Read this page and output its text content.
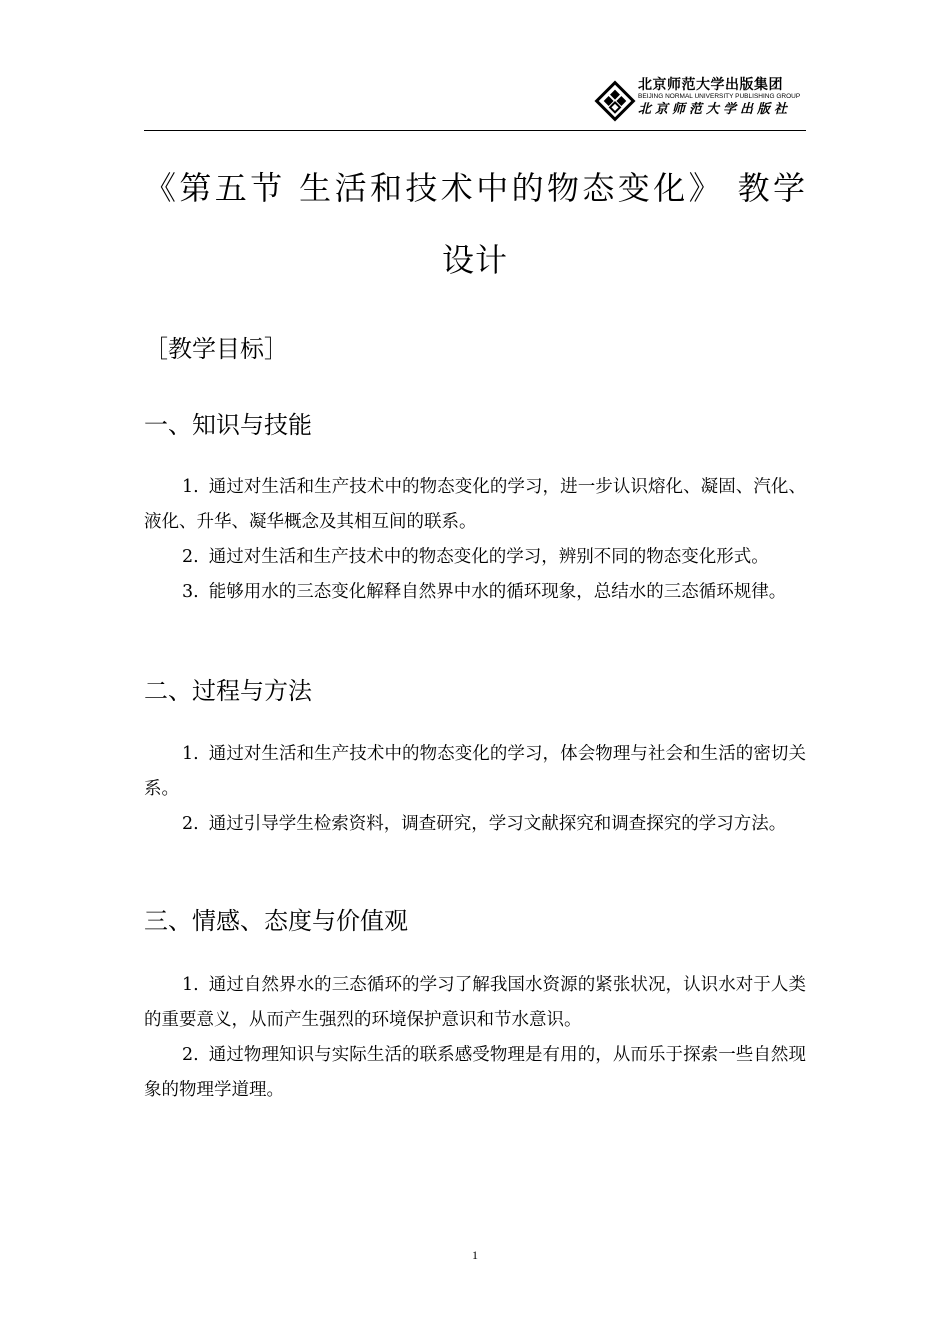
北京师范大学出版集团
BEIJING NORMAL UNIVERSITY PUBLISHING GROUP
北京师范大学出版社
《第五节 生活和技术中的物态变化》 教学
设计
［教学目标］
一、知识与技能

1. 通过对生活和生产技术中的物态变化的学习，进一步认识熔化、凝固、汽化、液化、升华、凝华概念及其相互间的联系。

2. 通过对生活和生产技术中的物态变化的学习，辨别不同的物态变化形式。

3. 能够用水的三态变化解释自然界中水的循环现象，总结水的三态循环规律。

二、过程与方法

1. 通过对生活和生产技术中的物态变化的学习，体会物理与社会和生活的密切关系。

2. 通过引导学生检索资料，调查研究，学习文献探究和调查探究的学习方法。

三、情感、态度与价值观

1. 通过自然界水的三态循环的学习了解我国水资源的紧张状况，认识水对于人类的重要意义，从而产生强烈的环境保护意识和节水意识。

2. 通过物理知识与实际生活的联系感受物理是有用的，从而乐于探索一些自然现象的物理学道理。

1
